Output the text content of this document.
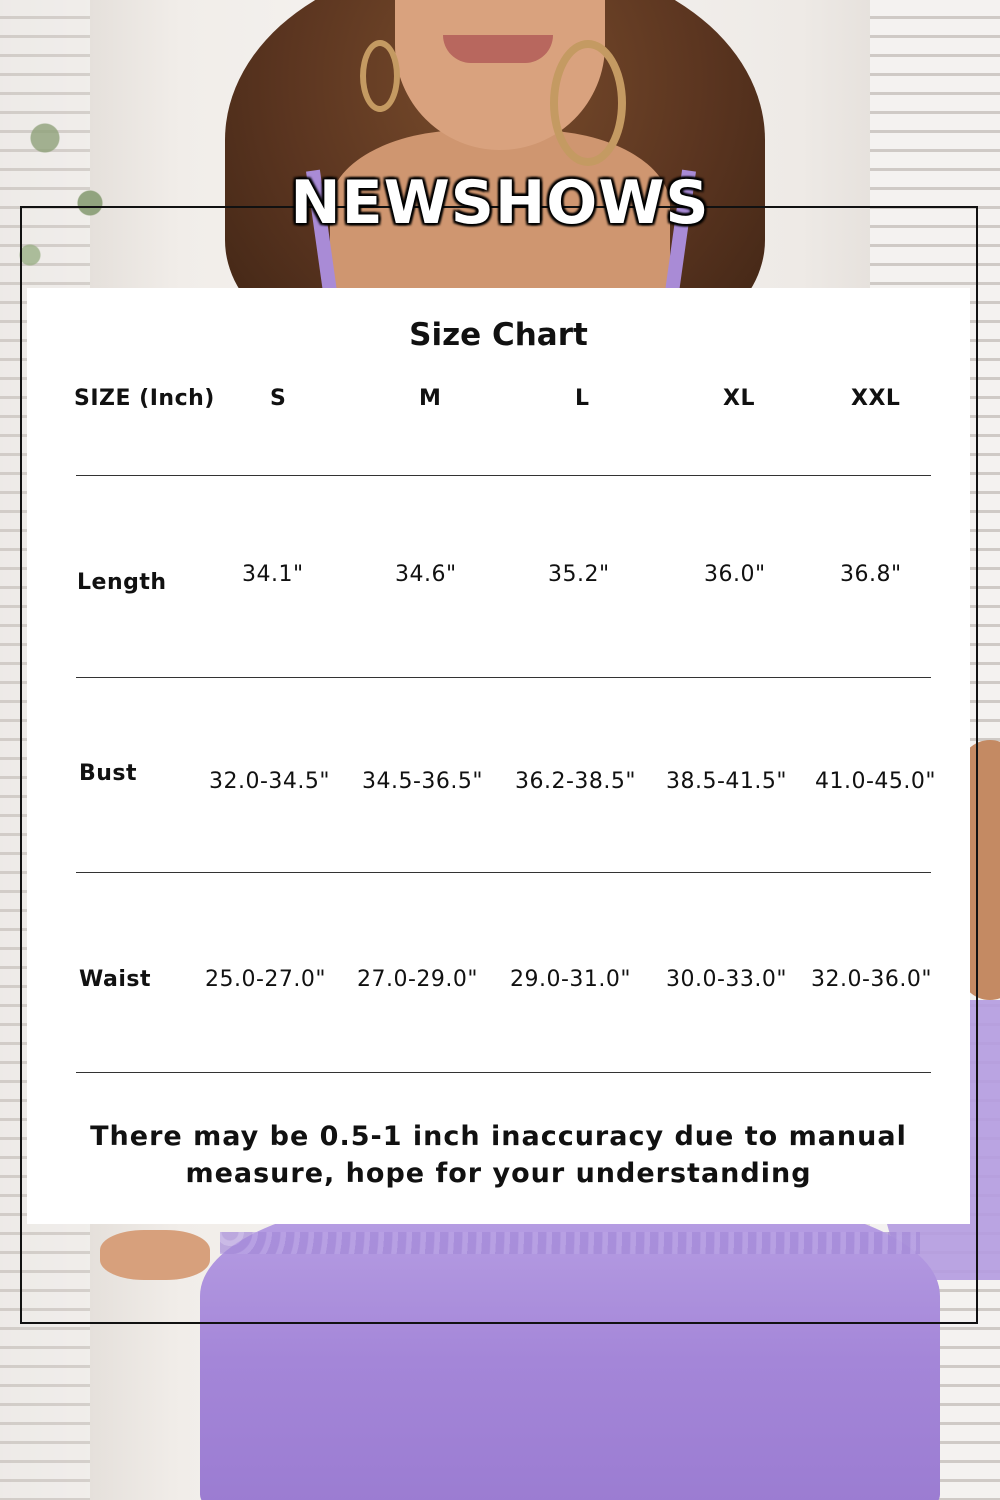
NEWSHOWS
Size Chart
SIZE (Inch)	S	M	L	XL	XXL
Length	34.1"	34.6"	35.2"	36.0"	36.8"
Bust	32.0-34.5" 34.5-36.5" 36.2-38.5" 38.5-41.5" 41.0-45.0"
Waist 25.0-27.0" 27.0-29.0" 29.0-31.0" 30.0-33.0" 32.0-36.0"
There may be 0.5-1 inch inaccuracy due to manual
measure, hope for your understanding
